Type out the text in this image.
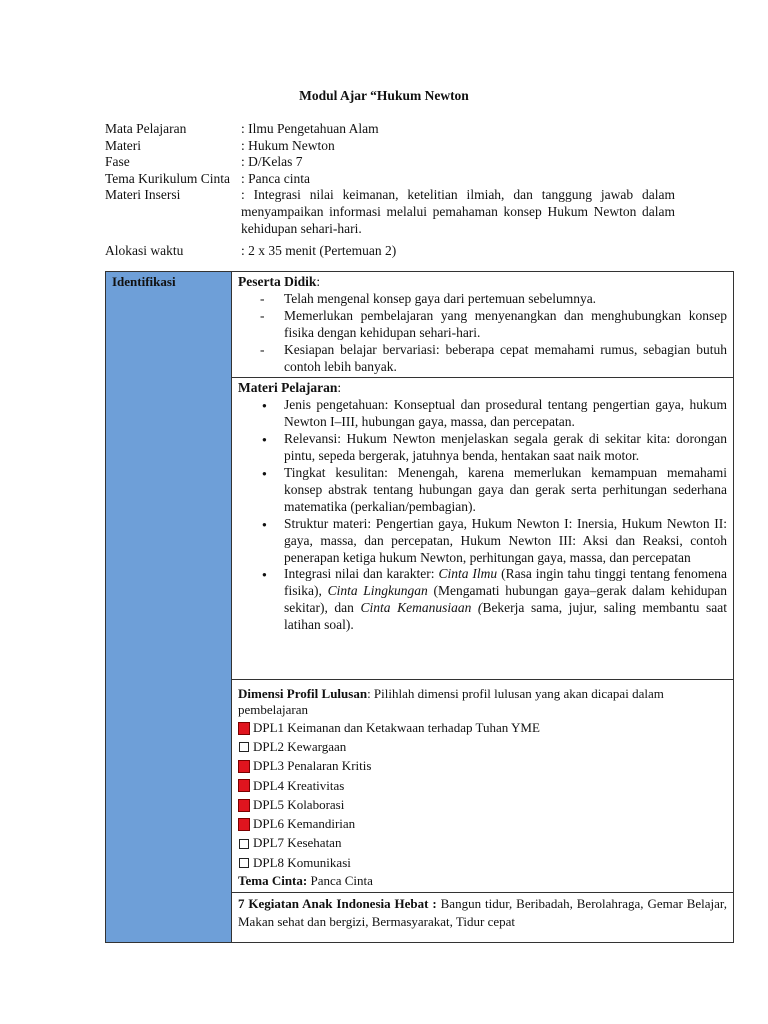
Modul Ajar “Hukum Newton
Mata Pelajaran	: Ilmu Pengetahuan Alam
Materi	: Hukum Newton
Fase	: D/Kelas 7
Tema Kurikulum Cinta : Panca cinta
Materi Insersi	: Integrasi nilai keimanan, ketelitian ilmiah, dan tanggung jawab dalam menyampaikan informasi melalui pemahaman konsep Hukum Newton dalam kehidupan sehari-hari.
Alokasi waktu	: 2 x 35 menit (Pertemuan 2)
Identifikasi	Peserta Didik:
- Telah mengenal konsep gaya dari pertemuan sebelumnya.
- Memerlukan pembelajaran yang menyenangkan dan menghubungkan konsep fisika dengan kehidupan sehari-hari.
- Kesiapan belajar bervariasi: beberapa cepat memahami rumus, sebagian butuh contoh lebih banyak.

Materi Pelajaran:
● Jenis pengetahuan: Konseptual dan prosedural tentang pengertian gaya, hukum Newton I–III, hubungan gaya, massa, dan percepatan.
● Relevansi: Hukum Newton menjelaskan segala gerak di sekitar kita: dorongan pintu, sepeda bergerak, jatuhnya benda, hentakan saat naik motor.
● Tingkat kesulitan: Menengah, karena memerlukan kemampuan memahami konsep abstrak tentang hubungan gaya dan gerak serta perhitungan sederhana matematika (perkalian/pembagian).
● Struktur materi: Pengertian gaya, Hukum Newton I: Inersia, Hukum Newton II: gaya, massa, dan percepatan, Hukum Newton III: Aksi dan Reaksi, contoh penerapan ketiga hukum Newton, perhitungan gaya, massa, dan percepatan
● Integrasi nilai dan karakter: Cinta Ilmu (Rasa ingin tahu tinggi tentang fenomena fisika), Cinta Lingkungan (Mengamati hubungan gaya–gerak dalam kehidupan sekitar), dan Cinta Kemanusiaan (Bekerja sama, jujur, saling membantu saat latihan soal).

Dimensi Profil Lulusan: Pilihlah dimensi profil lulusan yang akan dicapai dalam pembelajaran
DPL1 Keimanan dan Ketakwaan terhadap Tuhan YME
DPL2 Kewargaan
DPL3 Penalaran Kritis
DPL4 Kreativitas
DPL5 Kolaborasi
DPL6 Kemandirian
DPL7 Kesehatan
DPL8 Komunikasi
Tema Cinta: Panca Cinta

7 Kegiatan Anak Indonesia Hebat : Bangun tidur, Beribadah, Berolahraga, Gemar Belajar, Makan sehat dan bergizi, Bermasyarakat, Tidur cepat
